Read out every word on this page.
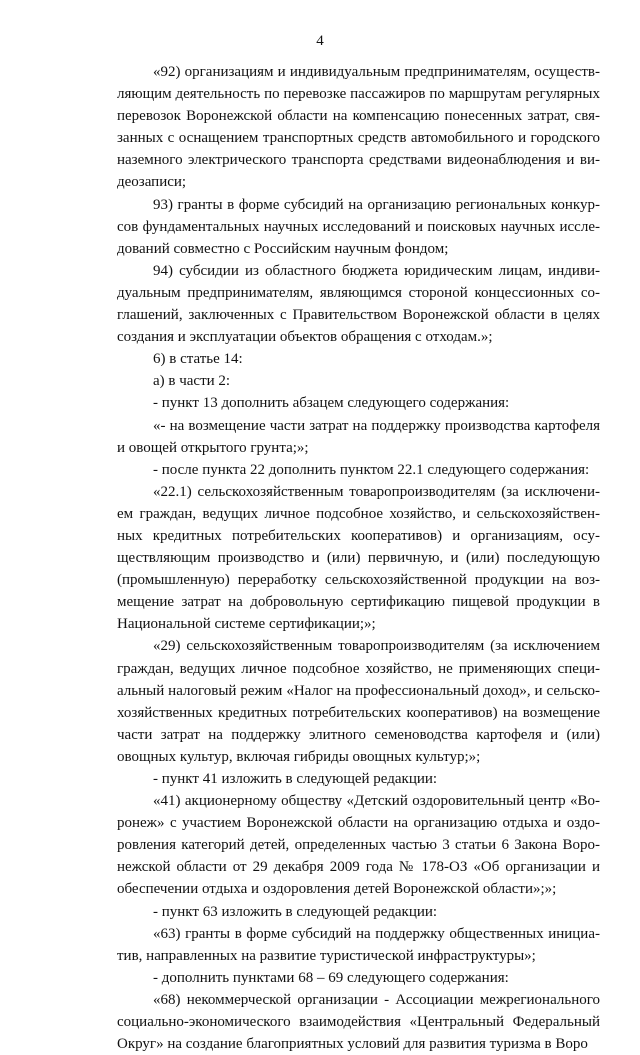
4

«92) организациям и индивидуальным предпринимателям, осуществляющим деятельность по перевозке пассажиров по маршрутам регулярных перевозок Воронежской области на компенсацию понесенных затрат, связанных с оснащением транспортных средств автомобильного и городского наземного электрического транспорта средствами видеонаблюдения и видеозаписи;

93) гранты в форме субсидий на организацию региональных конкурсов фундаментальных научных исследований и поисковых научных исследований совместно с Российским научным фондом;

94) субсидии из областного бюджета юридическим лицам, индивидуальным предпринимателям, являющимся стороной концессионных соглашений, заключенных с Правительством Воронежской области в целях создания и эксплуатации объектов обращения с отходам.»;

6) в статье 14:

а) в части 2:

- пункт 13 дополнить абзацем следующего содержания:

«- на возмещение части затрат на поддержку производства картофеля и овощей открытого грунта;»;

- после пункта 22 дополнить пунктом 22.1 следующего содержания:

«22.1) сельскохозяйственным товаропроизводителям (за исключением граждан, ведущих личное подсобное хозяйство, и сельскохозяйственных кредитных потребительских кооперативов) и организациям, осуществляющим производство и (или) первичную, и (или) последующую (промышленную) переработку сельскохозяйственной продукции на возмещение затрат на добровольную сертификацию пищевой продукции в Национальной системе сертификации;»;

«29) сельскохозяйственным товаропроизводителям (за исключением граждан, ведущих личное подсобное хозяйство, не применяющих специальный налоговый режим «Налог на профессиональный доход», и сельскохозяйственных кредитных потребительских кооперативов) на возмещение части затрат на поддержку элитного семеноводства картофеля и (или) овощных культур, включая гибриды овощных культур;»;

- пункт 41 изложить в следующей редакции:

«41) акционерному обществу «Детский оздоровительный центр «Воронеж» с участием Воронежской области на организацию отдыха и оздоровления категорий детей, определенных частью 3 статьи 6 Закона Воронежской области от 29 декабря 2009 года № 178-ОЗ «Об организации и обеспечении отдыха и оздоровления детей Воронежской области»;»;

- пункт 63 изложить в следующей редакции:

«63) гранты в форме субсидий на поддержку общественных инициатив, направленных на развитие туристической инфраструктуры»;

- дополнить пунктами 68 – 69 следующего содержания:

«68) некоммерческой организации - Ассоциации межрегионального социально-экономического взаимодействия «Центральный Федеральный Округ» на создание благоприятных условий для развития туризма в Воро
